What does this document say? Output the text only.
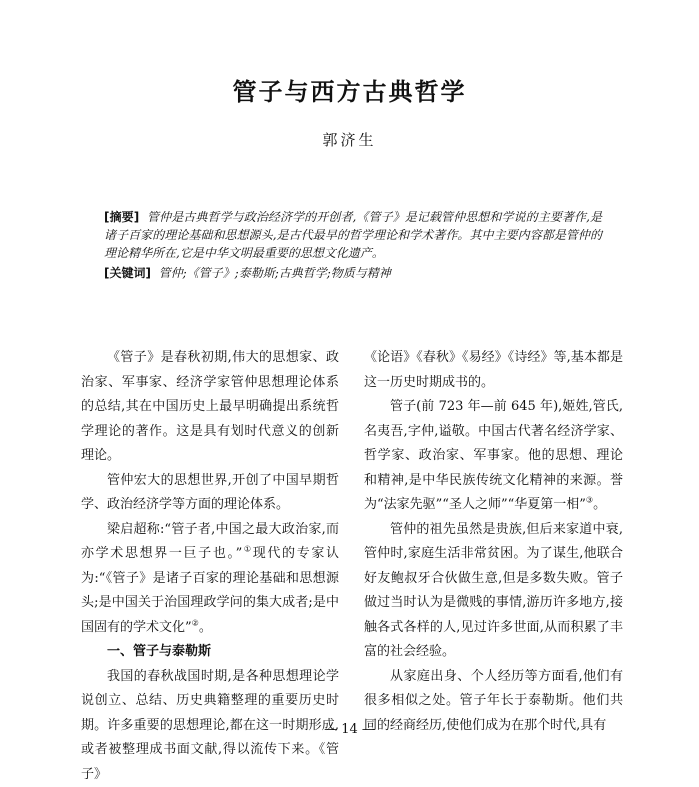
管子与西方古典哲学
郭济生
[摘要] 管仲是古典哲学与政治经济学的开创者,《管子》是记载管仲思想和学说的主要著作,是诸子百家的理论基础和思想源头,是古代最早的哲学理论和学术著作。其中主要内容都是管仲的理论精华所在,它是中华文明最重要的思想文化遗产。
[关键词] 管仲;《管子》;泰勒斯;古典哲学;物质与精神

《管子》是春秋初期,伟大的思想家、政治家、军事家、经济学家管仲思想理论体系的总结,其在中国历史上最早明确提出系统哲学理论的著作。这是具有划时代意义的创新理论。

管仲宏大的思想世界,开创了中国早期哲学、政治经济学等方面的理论体系。

梁启超称:“管子者,中国之最大政治家,而亦学术思想界一巨子也。”①现代的专家认为:“《管子》是诸子百家的理论基础和思想源头;是中国关于治国理政学问的集大成者;是中国固有的学术文化”②。

一、管子与泰勒斯

我国的春秋战国时期,是各种思想理论学说创立、总结、历史典籍整理的重要历史时期。许多重要的思想理论,都在这一时期形成,或者被整理成书面文献,得以流传下来。《管子》

《论语》《春秋》《易经》《诗经》等,基本都是这一历史时期成书的。

管子(前 723 年—前 645 年),姬姓,管氏,名夷吾,字仲,谥敬。中国古代著名经济学家、哲学家、政治家、军事家。他的思想、理论和精神,是中华民族传统文化精神的来源。誉为“法家先驱”“圣人之师”“华夏第一相”③。

管仲的祖先虽然是贵族,但后来家道中衰,管仲时,家庭生活非常贫困。为了谋生,他联合好友鲍叔牙合伙做生意,但是多数失败。管子做过当时认为是微贱的事情,游历许多地方,接触各式各样的人,见过许多世面,从而积累了丰富的社会经验。

从家庭出身、个人经历等方面看,他们有很多相似之处。管子年长于泰勒斯。他们共同的经商经历,使他们成为在那个时代,具有

— 14 —
